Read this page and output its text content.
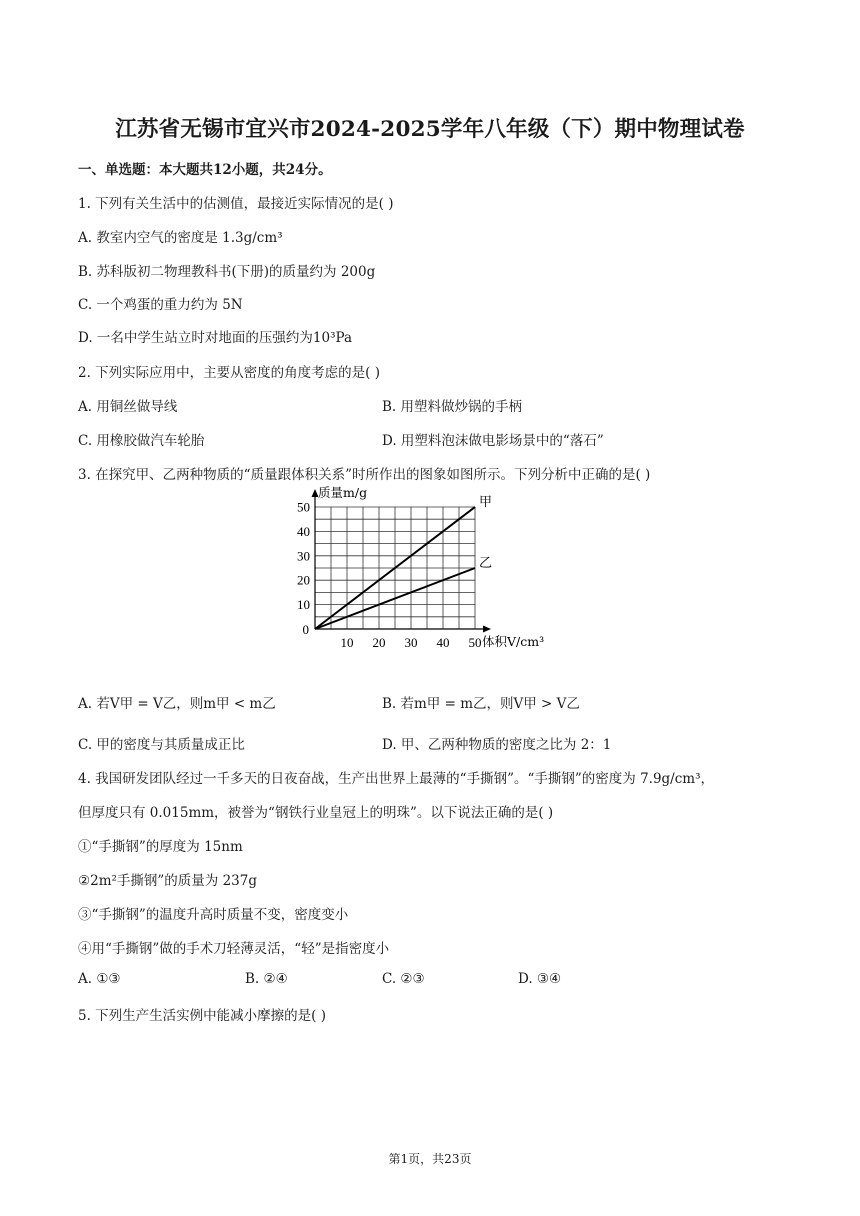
江苏省无锡市宜兴市2024-2025学年八年级（下）期中物理试卷
一、单选题：本大题共12小题，共24分。
1. 下列有关生活中的估测值，最接近实际情况的是( )
A. 教室内空气的密度是 1.3g/cm³
B. 苏科版初二物理教科书(下册)的质量约为 200g
C. 一个鸡蛋的重力约为 5N
D. 一名中学生站立时对地面的压强约为10³Pa
2. 下列实际应用中，主要从密度的角度考虑的是( )
A. 用铜丝做导线	B. 用塑料做炒锅的手柄
C. 用橡胶做汽车轮胎	D. 用塑料泡沫做电影场景中的“落石”
3. 在探究甲、乙两种物质的“质量跟体积关系”时所作出的图象如图所示。下列分析中正确的是( )
10
20
30
40
50
10 20 30 40 50
0
质量m/g
体积V/cm³
甲
乙
A. 若V甲 = V乙，则m甲 < m乙	B. 若m甲 = m乙，则V甲 > V乙
C. 甲的密度与其质量成正比	D. 甲、乙两种物质的密度之比为 2：1
4. 我国研发团队经过一千多天的日夜奋战，生产出世界上最薄的“手撕钢”。“手撕钢”的密度为 7.9g/cm³，
但厚度只有 0.015mm，被誉为“钢铁行业皇冠上的明珠”。以下说法正确的是( )
①“手撕钢”的厚度为 15nm
②2m²手撕钢”的质量为 237g
③“手撕钢”的温度升高时质量不变，密度变小
④用“手撕钢”做的手术刀轻薄灵活，“轻”是指密度小
A. ①③	B. ②④	C. ②③	D. ③④
5. 下列生产生活实例中能减小摩擦的是( )
第1页，共23页
